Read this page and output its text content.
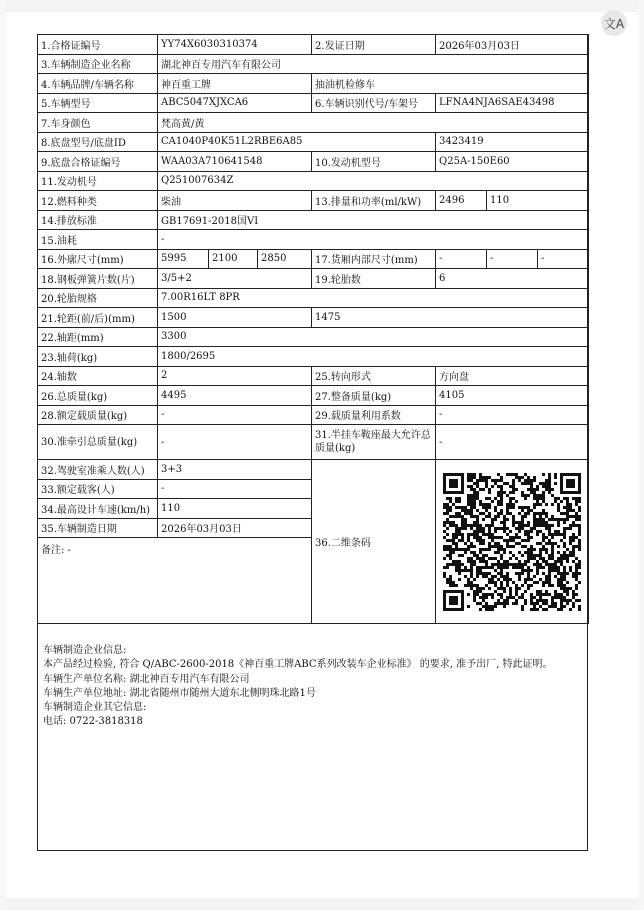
文A
1.合格证编号	YY74X6030310374			2.发证日期	2026年03月03日		
3.车辆制造企业名称	湖北神百专用汽车有限公司						
4.车辆品牌/车辆名称	神百重工牌			抽油机检修车			
5.车辆型号	ABC5047XJXCA6			6.车辆识别代号/车架号	LFNA4NJA6SAE43498		
7.车身颜色	梵高黄/黄						
8.底盘型号/底盘ID	CA1040P40K51L2RBE6A85				3423419		
9.底盘合格证编号	WAA03A710641548			10.发动机型号	Q25A-150E60		
11.发动机号	Q251007634Z						
12.燃料种类	柴油			13.排量和功率(ml/kW)	2496	110	
14.排放标准	GB17691-2018国VI						
15.油耗	-						
16.外廓尺寸(mm)	5995	2100	2850	17.货厢内部尺寸(mm)	-	-	-
18.钢板弹簧片数(片)	3/5+2			19.轮胎数	6		
20.轮胎规格	7.00R16LT 8PR						
21.轮距(前/后)(mm)	1500			1475			
22.轴距(mm)	3300						
23.轴荷(kg)	1800/2695						
24.轴数	2			25.转向形式	方向盘		
26.总质量(kg)	4495			27.整备质量(kg)	4105		
28.额定载质量(kg)	-			29.载质量利用系数	-		
30.准牵引总质量(kg)	-			31.半挂车鞍座最大允许总质量(kg)	-		
32.驾驶室准乘人数(人)	3+3			36.二维条码	

33.额定载客(人)	-						
34.最高设计车速(km/h)	110						
35.车辆制造日期	2026年03月03日						
备注: -							
车辆制造企业信息:
本产品经过检验, 符合 Q/ABC-2600-2018《神百重工牌ABC系列改装车企业标准》 的要求, 准予出厂, 特此证明。
车辆生产单位名称: 湖北神百专用汽车有限公司
车辆生产单位地址: 湖北省随州市随州大道东北侧明珠北路1号
车辆制造企业其它信息:
电话: 0722-3818318
